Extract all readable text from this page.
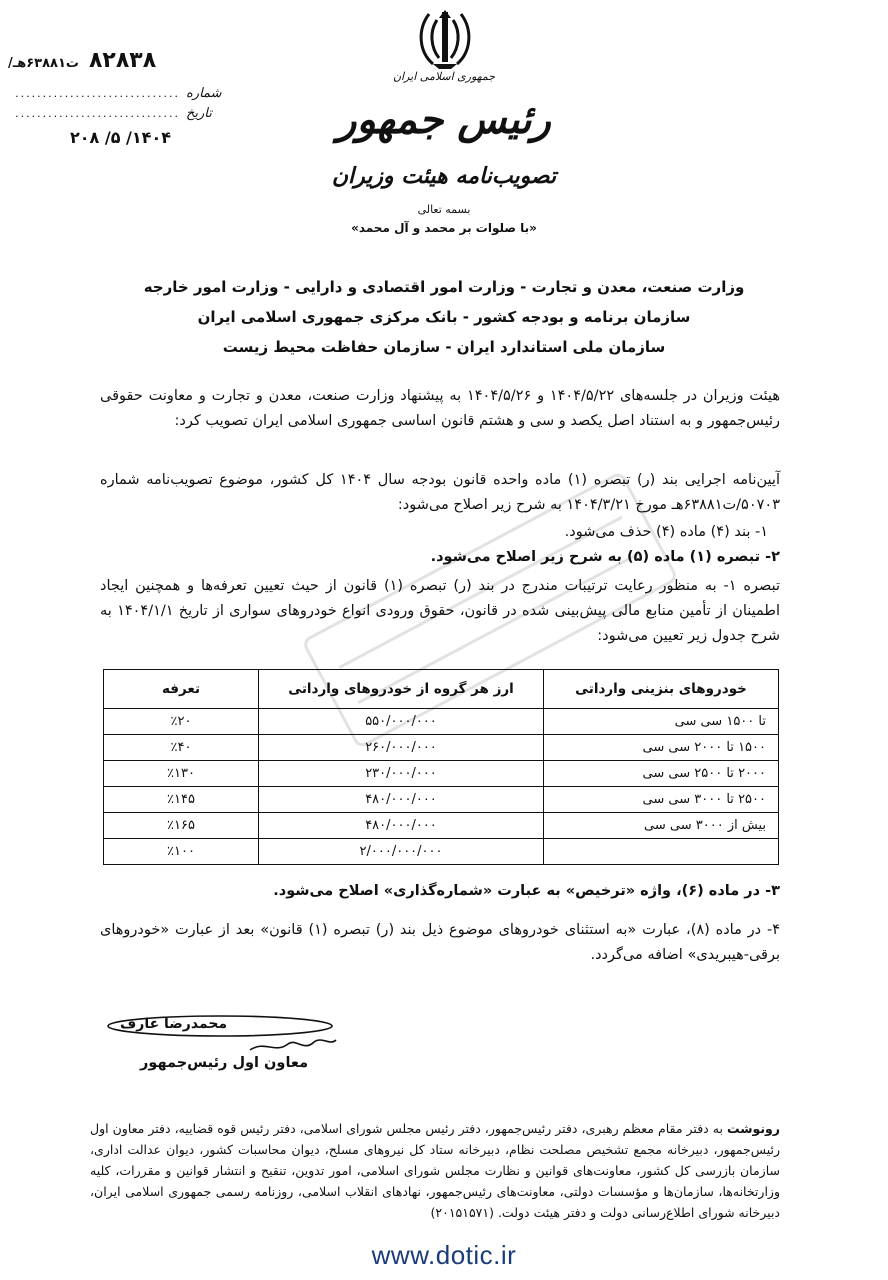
/ت۶۳۸۸۱هـ ۸۲۸۳۸
شماره
..............................
تاریخ
..............................
۱۴۰۴/ ۵/ ۲۰۸
جمهوری اسلامی ایران
رئیس جمهور
تصویب‌نامه هیئت وزیران
بسمه تعالی
«با صلوات بر محمد و آل محمد»
وزارت صنعت، معدن و تجارت - وزارت امور اقتصادی و دارایی - وزارت امور خارجه
سازمان برنامه و بودجه کشور - بانک مرکزی جمهوری اسلامی ایران
سازمان ملی استاندارد ایران - سازمان حفاظت محیط زیست
هیئت وزیران در جلسه‌های ۱۴۰۴/۵/۲۲ و ۱۴۰۴/۵/۲۶ به پیشنهاد وزارت صنعت، معدن و تجارت و معاونت حقوقی رئیس‌جمهور و به استناد اصل یکصد و سی و هشتم قانون اساسی جمهوری اسلامی ایران تصویب کرد:
آیین‌نامه اجرایی بند (ر) تبصره (۱) ماده واحده قانون بودجه سال ۱۴۰۴ کل کشور، موضوع تصویب‌نامه شماره ۵۰۷۰۳/ت۶۳۸۸۱هـ مورخ ۱۴۰۴/۳/۲۱ به شرح زیر اصلاح می‌شود:
۱- بند (۴) ماده (۴) حذف می‌شود.
۲- تبصره (۱) ماده (۵) به شرح زیر اصلاح می‌شود.
تبصره ۱- به منظور رعایت ترتیبات مندرج در بند (ر) تبصره (۱) قانون از حیث تعیین تعرفه‌ها و همچنین ایجاد اطمینان از تأمین منابع مالی پیش‌بینی شده در قانون، حقوق ورودی انواع خودروهای سواری از تاریخ ۱۴۰۴/۱/۱ به شرح جدول زیر تعیین می‌شود:
خودروهای بنزینی وارداتی	ارز هر گروه از خودروهای وارداتی	تعرفه
تا ۱۵۰۰ سی سی	۵۵۰/۰۰۰/۰۰۰	٪۲۰
۱۵۰۰ تا ۲۰۰۰ سی سی	۲۶۰/۰۰۰/۰۰۰	٪۴۰
۲۰۰۰ تا ۲۵۰۰ سی سی	۲۳۰/۰۰۰/۰۰۰	٪۱۳۰
۲۵۰۰ تا ۳۰۰۰ سی سی	۴۸۰/۰۰۰/۰۰۰	٪۱۴۵
بیش از ۳۰۰۰ سی سی	۴۸۰/۰۰۰/۰۰۰	٪۱۶۵
	۲/۰۰۰/۰۰۰/۰۰۰	٪۱۰۰
۳- در ماده (۶)، واژه «ترخیص» به عبارت «شماره‌گذاری» اصلاح می‌شود.
۴- در ماده (۸)، عبارت «به استثنای خودروهای موضوع ذیل بند (ر) تبصره (۱) قانون» بعد از عبارت «خودروهای برقی-هیبریدی» اضافه می‌گردد.
محمدرضا عارف
معاون اول رئیس‌جمهور
رونوشت به دفتر مقام معظم رهبری، دفتر رئیس‌جمهور، دفتر رئیس مجلس شورای اسلامی، دفتر رئیس قوه قضاییه، دفتر معاون اول رئیس‌جمهور، دبیرخانه مجمع تشخیص مصلحت نظام، دبیرخانه ستاد کل نیروهای مسلح، دیوان محاسبات کشور، دیوان عدالت اداری، سازمان بازرسی کل کشور، معاونت‌های قوانین و نظارت مجلس شورای اسلامی، امور تدوین، تنقیح و انتشار قوانین و مقررات، کلیه وزارتخانه‌ها، سازمان‌ها و مؤسسات دولتی، معاونت‌های رئیس‌جمهور، نهادهای انقلاب اسلامی، روزنامه رسمی جمهوری اسلامی ایران، دبیرخانه شورای اطلاع‌رسانی دولت و دفتر هیئت دولت. (۲۰۱۵۱۵۷۱)
www.dotic.ir
